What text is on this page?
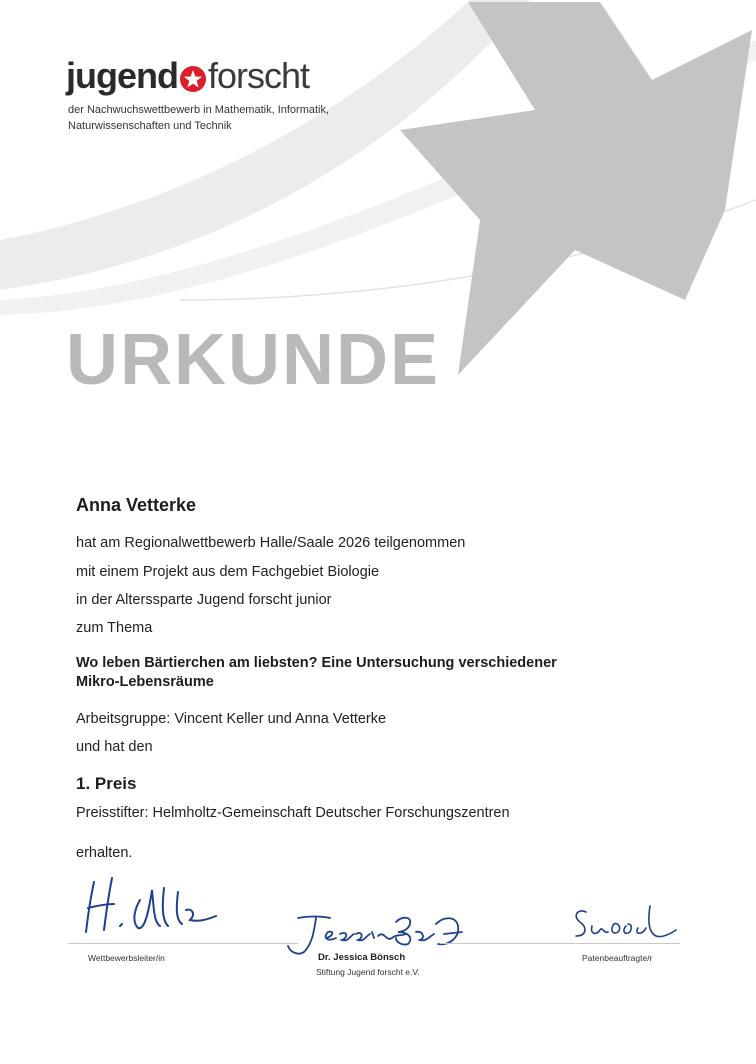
jugend forscht
der Nachwuchswettbewerb in Mathematik, Informatik,
Naturwissenschaften und Technik
URKUNDE
Anna Vetterke
hat am Regionalwettbewerb Halle/Saale 2026 teilgenommen
mit einem Projekt aus dem Fachgebiet Biologie
in der Alterssparte Jugend forscht junior
zum Thema
Wo leben Bärtierchen am liebsten? Eine Untersuchung verschiedener
Mikro-Lebensräume
Arbeitsgruppe: Vincent Keller und Anna Vetterke
und hat den
1. Preis
Preisstifter: Helmholtz-Gemeinschaft Deutscher Forschungszentren
erhalten.
Wettbewerbsleiter/in	Dr. Jessica Bönsch
Stiftung Jugend forscht e.V.
Patenbeauftragte/r
